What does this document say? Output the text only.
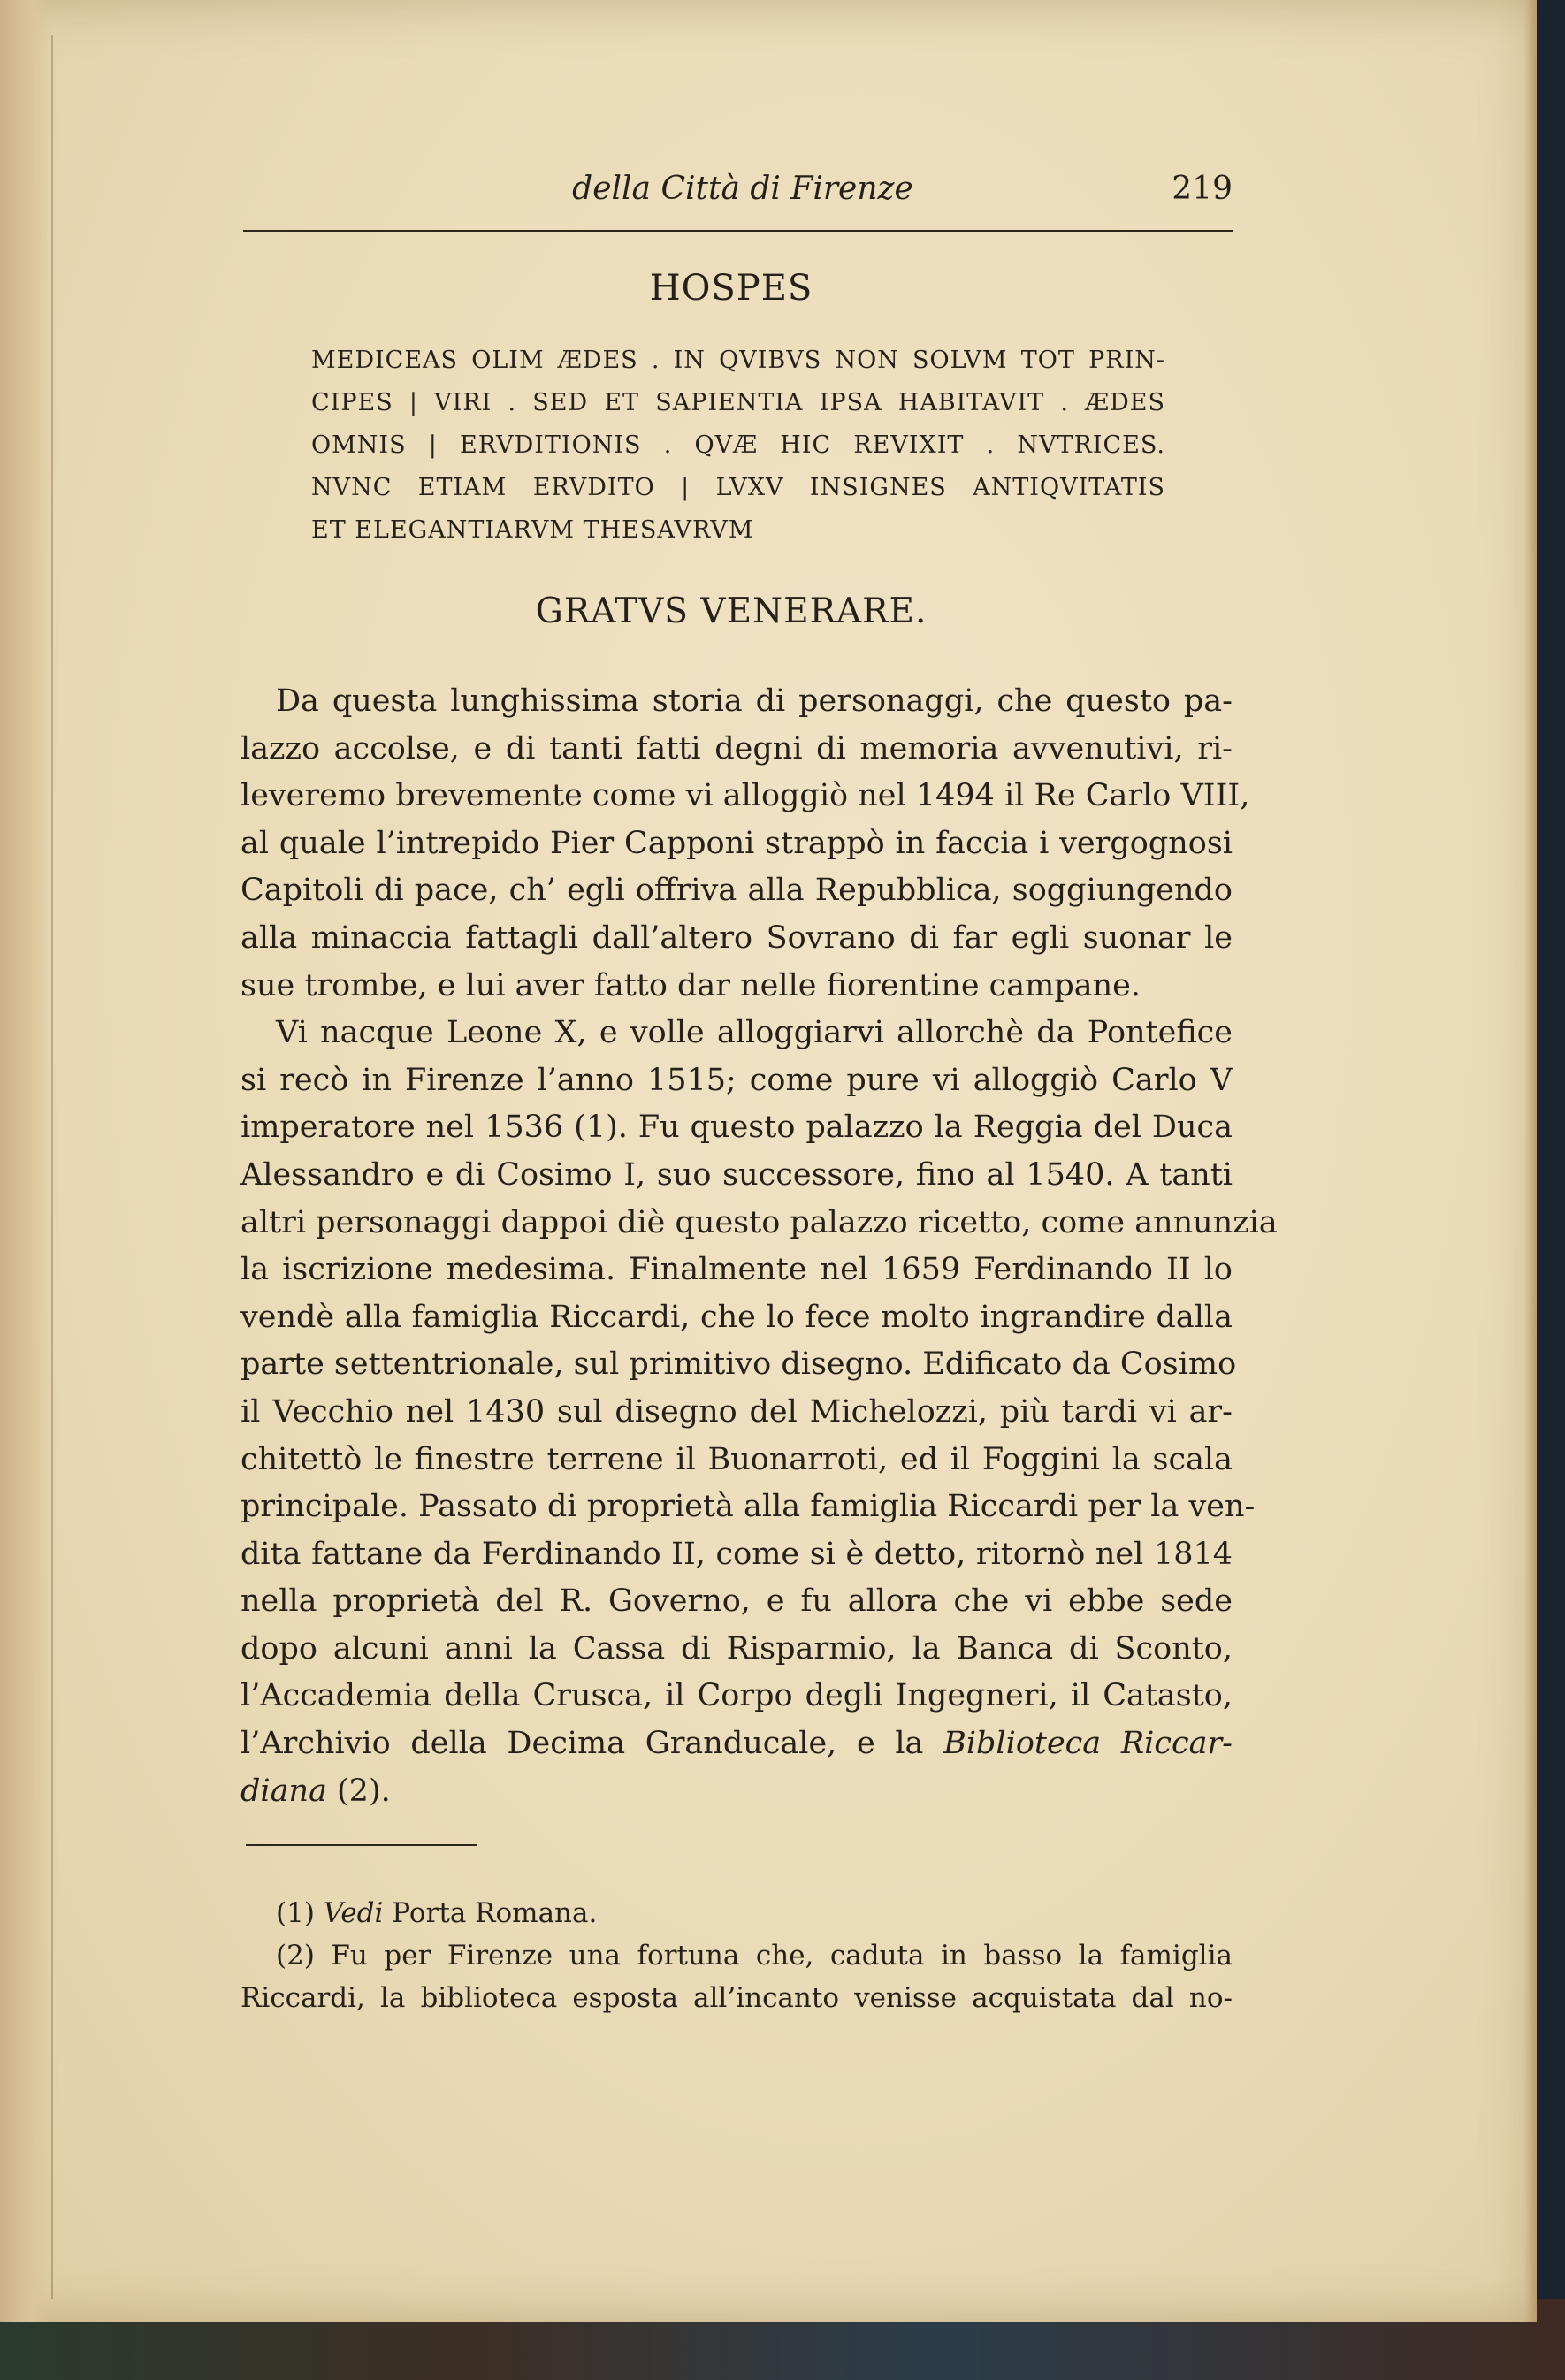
della Città di Firenze	219
HOSPES
MEDICEAS OLIM ÆDES . IN QVIBVS NON SOLVM TOT PRIN-
CIPES | VIRI . SED ET SAPIENTIA IPSA HABITAVIT . ÆDES
OMNIS | ERVDITIONIS . QVÆ HIC REVIXIT . NVTRICES.
NVNC ETIAM ERVDITO | LVXV INSIGNES ANTIQVITATIS
ET ELEGANTIARVM THESAVRVM
GRATVS VENERARE.
Da questa lunghissima storia di personaggi, che questo pa-
lazzo accolse, e di tanti fatti degni di memoria avvenutivi, ri-
leveremo brevemente come vi alloggiò nel 1494 il Re Carlo VIII,
al quale l’intrepido Pier Capponi strappò in faccia i vergognosi
Capitoli di pace, ch’ egli offriva alla Repubblica, soggiungendo
alla minaccia fattagli dall’altero Sovrano di far egli suonar le
sue trombe, e lui aver fatto dar nelle fiorentine campane.
Vi nacque Leone X, e volle alloggiarvi allorchè da Pontefice
si recò in Firenze l’anno 1515; come pure vi alloggiò Carlo V
imperatore nel 1536 (1). Fu questo palazzo la Reggia del Duca
Alessandro e di Cosimo I, suo successore, fino al 1540. A tanti
altri personaggi dappoi diè questo palazzo ricetto, come annunzia
la iscrizione medesima. Finalmente nel 1659 Ferdinando II lo
vendè alla famiglia Riccardi, che lo fece molto ingrandire dalla
parte settentrionale, sul primitivo disegno. Edificato da Cosimo
il Vecchio nel 1430 sul disegno del Michelozzi, più tardi vi ar-
chitettò le finestre terrene il Buonarroti, ed il Foggini la scala
principale. Passato di proprietà alla famiglia Riccardi per la ven-
dita fattane da Ferdinando II, come si è detto, ritornò nel 1814
nella proprietà del R. Governo, e fu allora che vi ebbe sede
dopo alcuni anni la Cassa di Risparmio, la Banca di Sconto,
l’Accademia della Crusca, il Corpo degli Ingegneri, il Catasto,
l’Archivio della Decima Granducale, e la Biblioteca Riccar-
diana (2).
(1) Vedi Porta Romana.
(2) Fu per Firenze una fortuna che, caduta in basso la famiglia
Riccardi, la biblioteca esposta all’incanto venisse acquistata dal no-
